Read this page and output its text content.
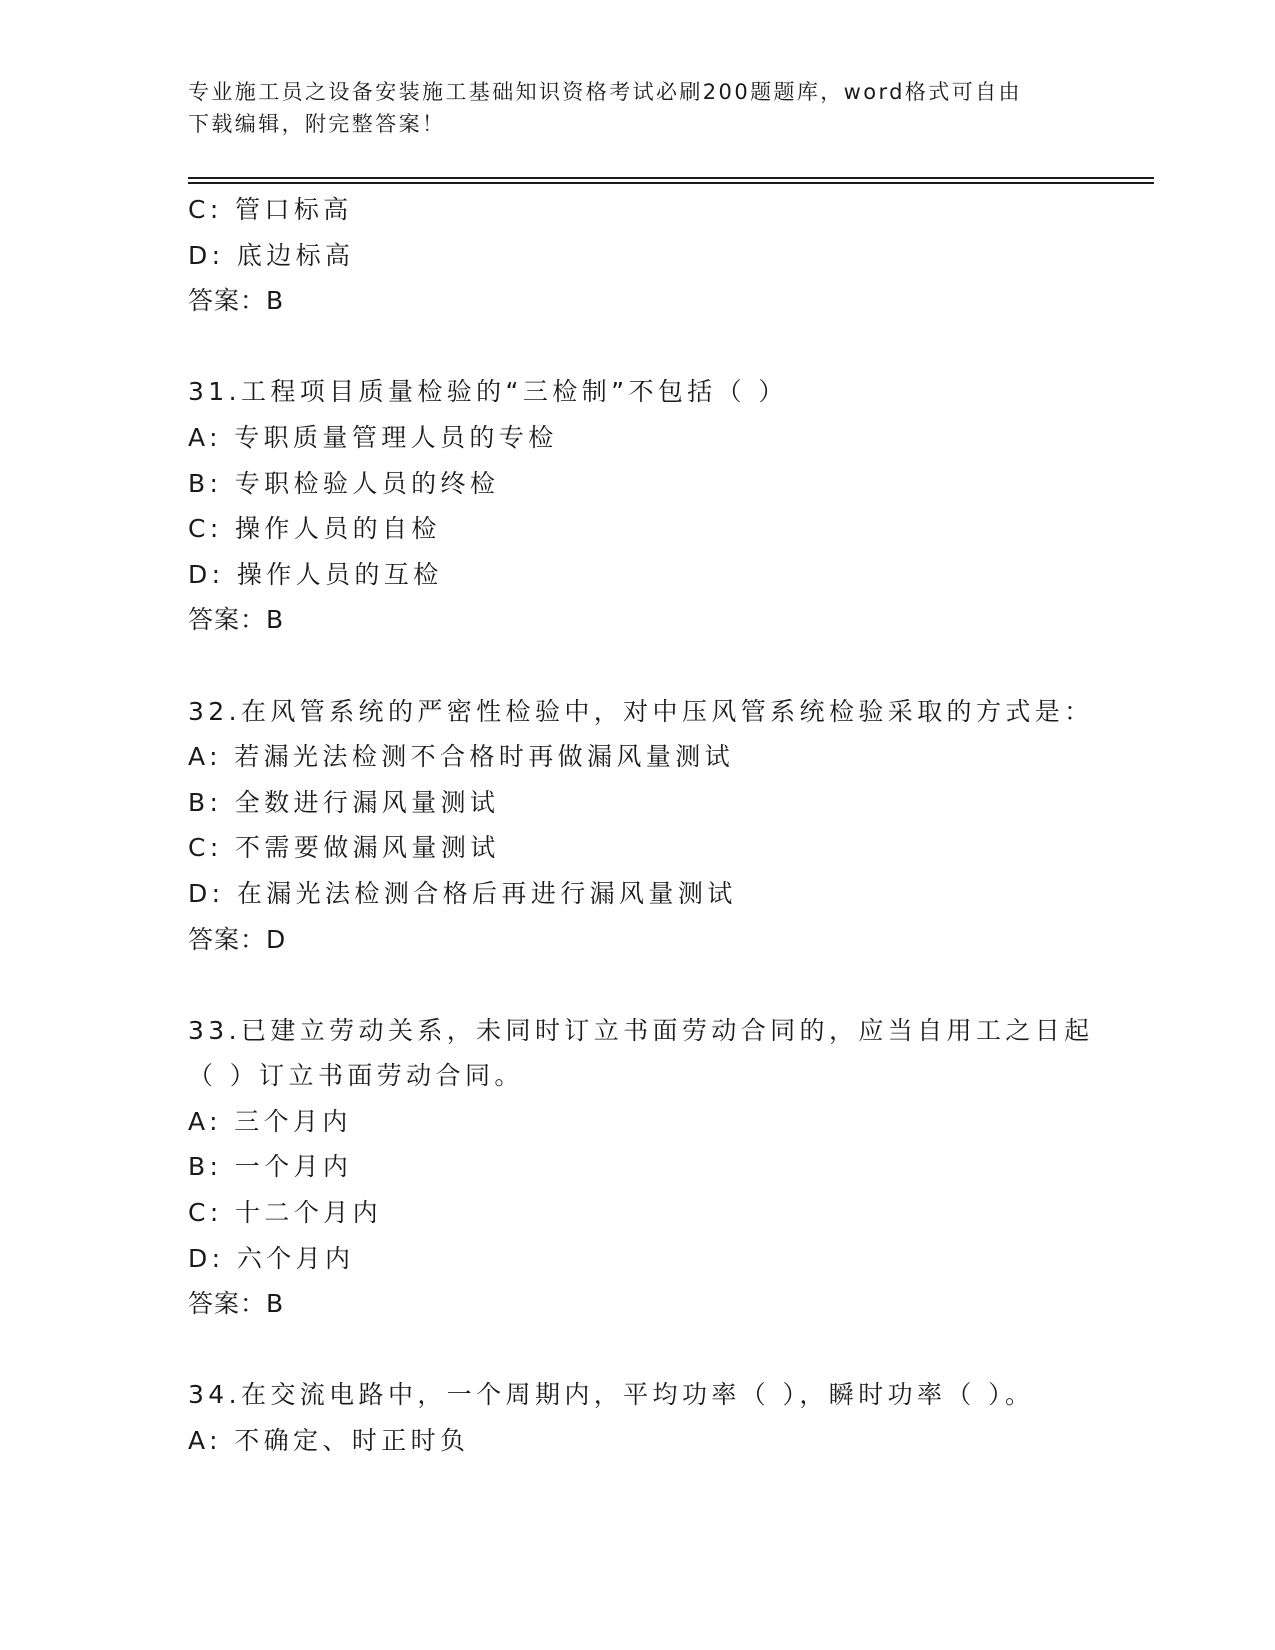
专业施工员之设备安装施工基础知识资格考试必刷200题题库，word格式可自由
下载编辑，附完整答案！
C: 管口标高
D: 底边标高
答案：B
31.工程项目质量检验的“三检制”不包括（ ）
A: 专职质量管理人员的专检
B: 专职检验人员的终检
C: 操作人员的自检
D: 操作人员的互检
答案：B
32.在风管系统的严密性检验中，对中压风管系统检验采取的方式是：
A: 若漏光法检测不合格时再做漏风量测试
B: 全数进行漏风量测试
C: 不需要做漏风量测试
D: 在漏光法检测合格后再进行漏风量测试
答案：D
33.已建立劳动关系，未同时订立书面劳动合同的，应当自用工之日起
（ ）订立书面劳动合同。
A: 三个月内
B: 一个月内
C: 十二个月内
D: 六个月内
答案：B
34.在交流电路中，一个周期内，平均功率（ ），瞬时功率（ ）。
A: 不确定、时正时负
